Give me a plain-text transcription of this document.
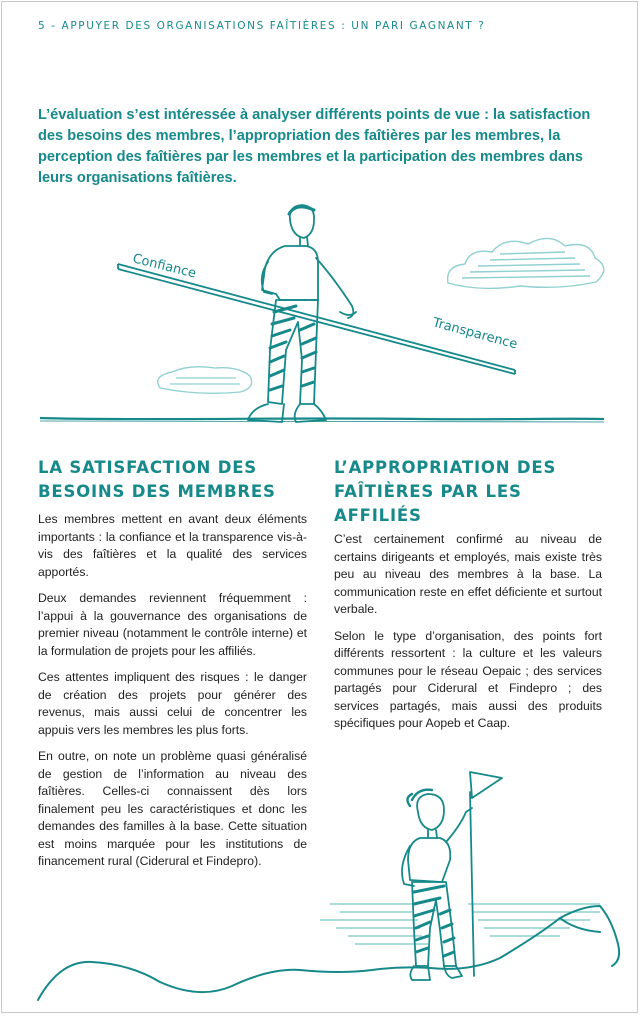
5 - APPUYER DES ORGANISATIONS FAÎTIÈRES : UN PARI GAGNANT ?

L’évaluation s’est intéressée à analyser différents points de vue : la satisfaction des besoins des membres, l’appropriation des faîtières par les membres, la perception des faîtières par les membres et la participation des membres dans leurs organisations faîtières.

Confiance
Transparence
LA SATISFACTION DES BESOINS DES MEMBRES
L’APPROPRIATION DES FAÎTIÈRES PAR LES AFFILIÉS

Les membres mettent en avant deux éléments importants : la confiance et la transparence vis-à-vis des faîtières et la qualité des services apportés.

Deux demandes reviennent fréquemment : l’appui à la gouvernance des organisations de premier niveau (notamment le contrôle interne) et la formulation de projets pour les affiliés.

Ces attentes impliquent des risques : le danger de création des projets pour générer des revenus, mais aussi celui de concentrer les appuis vers les membres les plus forts.

En outre, on note un problème quasi généralisé de gestion de l’information au niveau des faîtières. Celles-ci connaissent dès lors finalement peu les caractéristiques et donc les demandes des familles à la base. Cette situation est moins marquée pour les institutions de financement rural (Ciderural et Findepro).

C’est certainement confirmé au niveau de certains dirigeants et employés, mais existe très peu au niveau des membres à la base. La communication reste en effet déficiente et surtout verbale.

Selon le type d’organisation, des points fort différents ressortent : la culture et les valeurs communes pour le réseau Oepaic ; des services partagés pour Ciderural et Findepro ; des services partagés, mais aussi des produits spécifiques pour Aopeb et Caap.
